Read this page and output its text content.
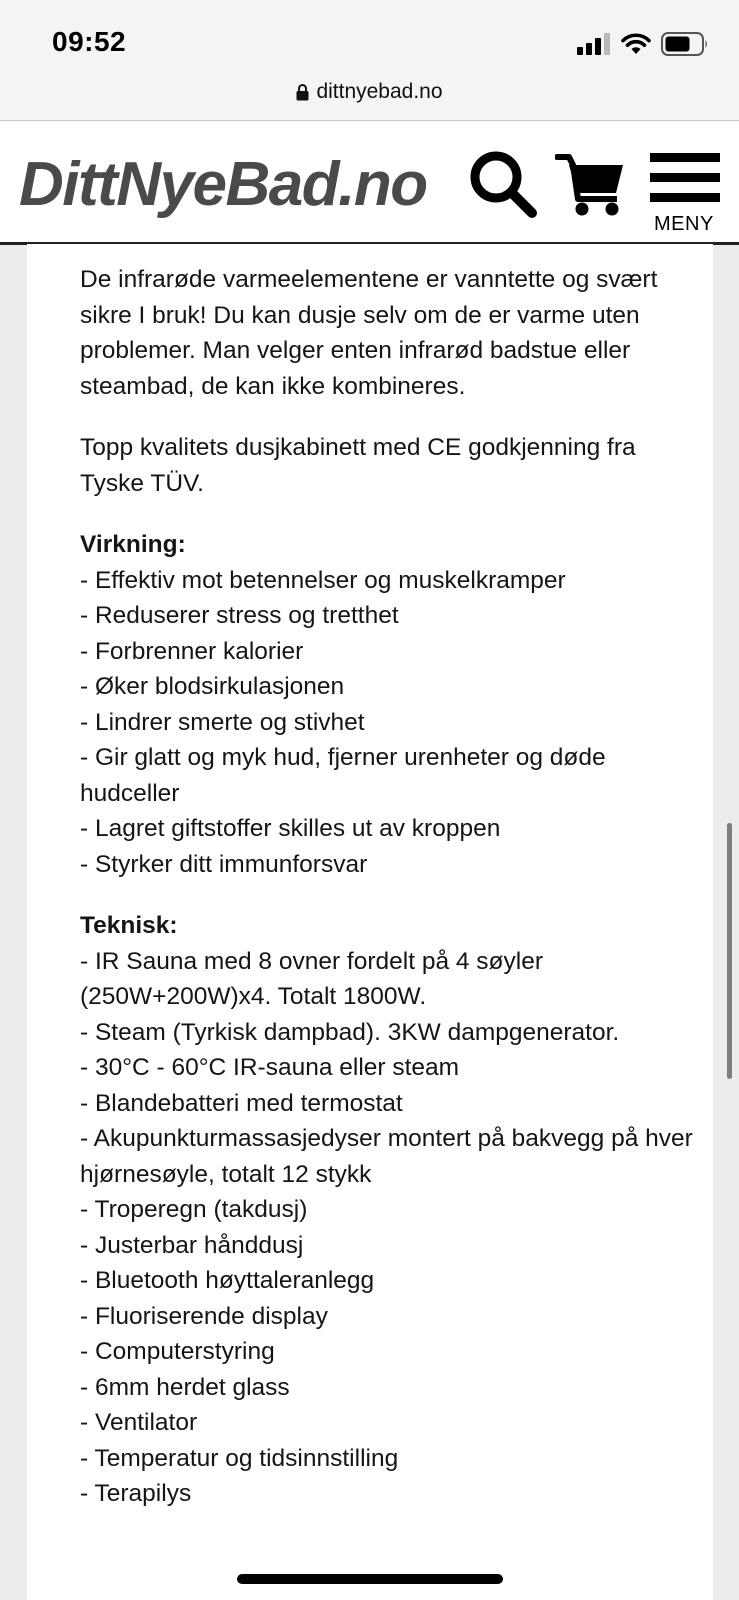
09:52
dittnyebad.no
DittNyeBad.no
MENY

De infrarøde varmeelementene er vanntette og svært sikre I bruk! Du kan dusje selv om de er varme uten problemer. Man velger enten infrarød badstue eller steambad, de kan ikke kombineres.

Topp kvalitets dusjkabinett med CE godkjenning fra Tyske TÜV.

Virkning:
- Effektiv mot betennelser og muskelkramper
- Reduserer stress og tretthet
- Forbrenner kalorier
- Øker blodsirkulasjonen
- Lindrer smerte og stivhet
- Gir glatt og myk hud, fjerner urenheter og døde hudceller
- Lagret giftstoffer skilles ut av kroppen
- Styrker ditt immunforsvar
Teknisk:
- IR Sauna med 8 ovner fordelt på 4 søyler (250W+200W)x4. Totalt 1800W.
- Steam (Tyrkisk dampbad). 3KW dampgenerator.
- 30°C - 60°C IR-sauna eller steam
- Blandebatteri med termostat
- Akupunkturmassasjedyser montert på bakvegg på hver hjørnesøyle, totalt 12 stykk
- Troperegn (takdusj)
- Justerbar hånddusj
- Bluetooth høyttaleranlegg
- Fluoriserende display
- Computerstyring
- 6mm herdet glass
- Ventilator
- Temperatur og tidsinnstilling
- Terapilys
